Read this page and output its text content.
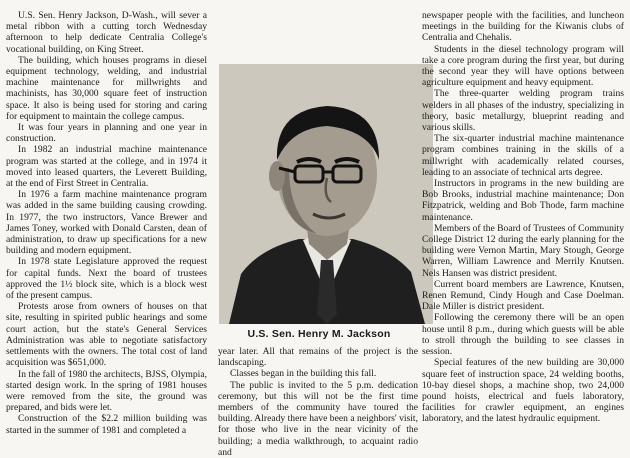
U.S. Sen. Henry Jackson, D-Wash., will sever a metal ribbon with a cutting torch Wednesday afternoon to help dedicate Centralia College's vocational building, on King Street.

The building, which houses programs in diesel equipment technology, welding, and industrial machine maintenance for millwrights and machinists, has 30,000 square feet of instruction space. It also is being used for storing and caring for equipment to maintain the college campus.

It was four years in planning and one year in construction.

In 1982 an industrial machine maintenance program was started at the college, and in 1974 it moved into leased quarters, the Leverett Building, at the end of First Street in Centralia.

In 1976 a farm machine maintenance program was added in the same building causing crowding. In 1977, the two instructors, Vance Brewer and James Toney, worked with Donald Carsten, dean of administration, to draw up specifications for a new building and modern equipment.

In 1978 state Legislature approved the request for capital funds. Next the board of trustees approved the 1½ block site, which is a block west of the present campus.

Protests arose from owners of houses on that site, resulting in spirited public hearings and some court action, but the state's General Services Administration was able to negotiate satisfactory settlements with the owners. The total cost of land acquisition was $651,000.

In the fall of 1980 the architects, BJSS, Olympia, started design work. In the spring of 1981 houses were removed from the site, the ground was prepared, and bids were let.

Construction of the $2.2 million building was started in the summer of 1981 and completed a

U.S. Sen. Henry M. Jackson

year later. All that remains of the project is the landscaping.

Classes began in the building this fall.

The public is invited to the 5 p.m. dedication ceremony, but this will not be the first time members of the community have toured the building. Already there have been a neighbors' visit, for those who live in the near vicinity of the building; a media walkthrough, to acquaint radio and

newspaper people with the facilities, and luncheon meetings in the building for the Kiwanis clubs of Centralia and Chehalis.

Students in the diesel technology program will take a core program during the first year, but during the second year they will have options between agriculture equipment and heavy equipment.

The three-quarter welding program trains welders in all phases of the industry, specializing in theory, basic metallurgy, blueprint reading and various skills.

The six-quarter industrial machine maintenance program combines training in the skills of a millwright with academically related courses, leading to an associate of technical arts degree.

Instructors in programs in the new building are Bob Brooks, industrial machine maintenance; Don Fitzpatrick, welding and Bob Thode, farm machine maintenance.

Members of the Board of Trustees of Community College District 12 during the early planning for the building were Vernon Martin, Mary Stough, George Warren, William Lawrence and Merrily Knutsen. Nels Hansen was district president.

Current board members are Lawrence, Knutsen, Renen Remund, Cindy Hough and Case Doelman. Dale Miller is district president.

Following the ceremony there will be an open house until 8 p.m., during which guests will be able to stroll through the building to see classes in session.

Special features of the new building are 30,000 square feet of instruction space, 24 welding booths, 10-bay diesel shops, a machine shop, two 24,000 pound hoists, electrical and fuels laboratory, facilities for crawler equipment, an engines laboratory, and the latest hydraulic equipment.
